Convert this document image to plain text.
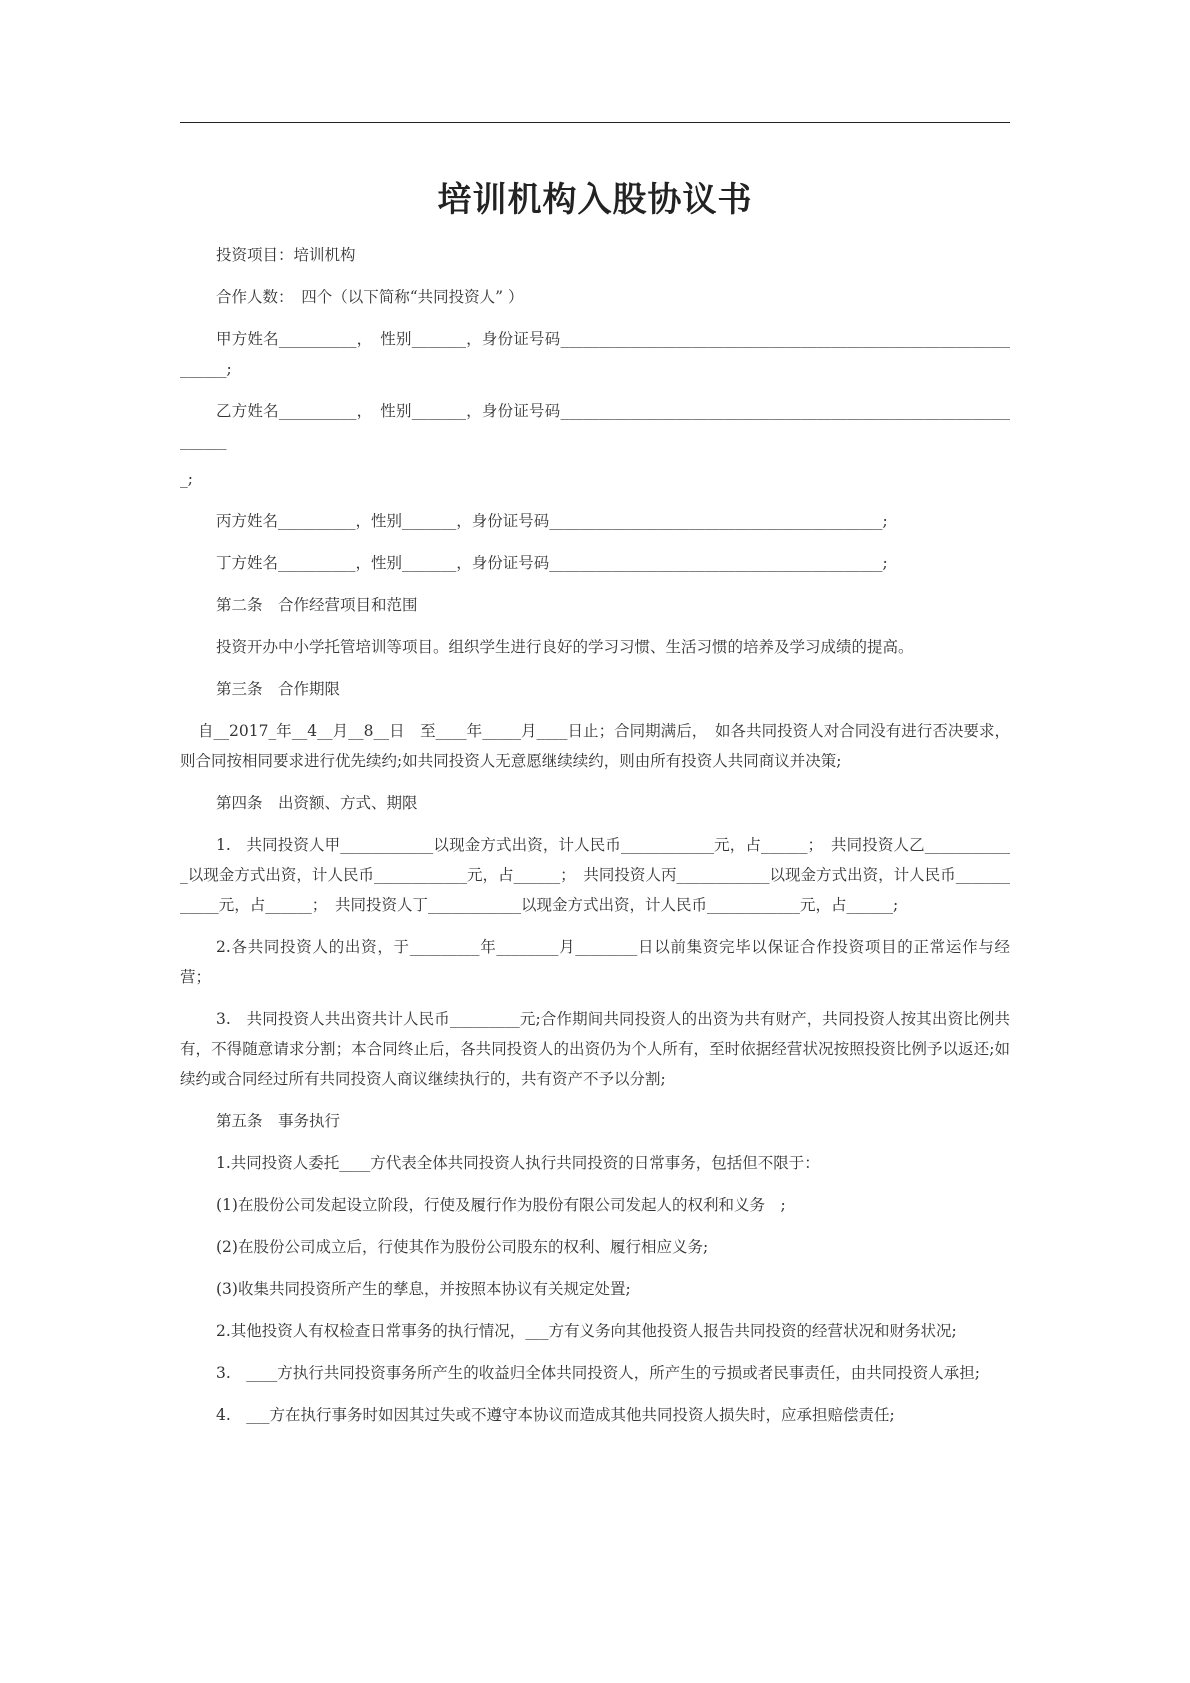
培训机构入股协议书

投资项目：培训机构

合作人数：　四个（以下简称“共同投资人” ）

甲方姓名__________，　性别_______，身份证号码________________________________________________________________;

乙方姓名__________，　性别_______，身份证号码________________________________________________________________

_;

丙方姓名__________，性别_______，身份证号码___________________________________________;

丁方姓名__________，性别_______，身份证号码___________________________________________;

第二条　合作经营项目和范围

投资开办中小学托管培训等项目。组织学生进行良好的学习习惯、生活习惯的培养及学习成绩的提高。

第三条　合作期限

自__2017_年__4__月__8__日　至____年_____月____日止；合同期满后，　如各共同投资人对合同没有进行否决要求，则合同按相同要求进行优先续约;如共同投资人无意愿继续续约，则由所有投资人共同商议并决策;

第四条　出资额、方式、期限

1.　共同投资人甲____________以现金方式出资，计人民币____________元，占______；　共同投资人乙____________以现金方式出资，计人民币____________元，占______；　共同投资人丙____________以现金方式出资，计人民币____________元，占______；　共同投资人丁____________以现金方式出资，计人民币____________元，占______;

2.各共同投资人的出资，于_________年________月________日以前集资完毕以保证合作投资项目的正常运作与经营；

3.　共同投资人共出资共计人民币_________元;合作期间共同投资人的出资为共有财产，共同投资人按其出资比例共有，不得随意请求分割；本合同终止后，各共同投资人的出资仍为个人所有，至时依据经营状况按照投资比例予以返还;如续约或合同经过所有共同投资人商议继续执行的，共有资产不予以分割;

第五条　事务执行

1.共同投资人委托____方代表全体共同投资人执行共同投资的日常事务，包括但不限于：

(1)在股份公司发起设立阶段，行使及履行作为股份有限公司发起人的权利和义务　;

(2)在股份公司成立后，行使其作为股份公司股东的权利、履行相应义务;

(3)收集共同投资所产生的孳息，并按照本协议有关规定处置;

2.其他投资人有权检查日常事务的执行情况，___方有义务向其他投资人报告共同投资的经营状况和财务状况;

3.　____方执行共同投资事务所产生的收益归全体共同投资人，所产生的亏损或者民事责任，由共同投资人承担;

4.　___方在执行事务时如因其过失或不遵守本协议而造成其他共同投资人损失时，应承担赔偿责任;
